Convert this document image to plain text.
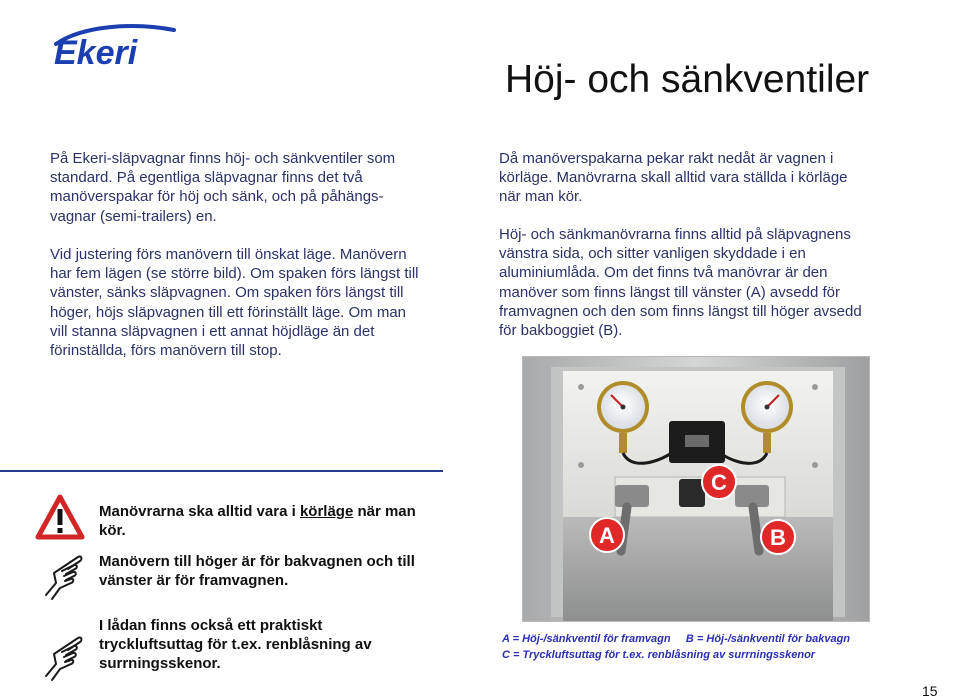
Ekeri
Höj- och sänkventiler

På Ekeri-släpvagnar finns höj- och sänkventiler som standard. På egentliga släpvagnar finns det två manöverspakar för höj och sänk, och på påhängs-vagnar (semi-trailers) en.

Vid justering förs manövern till önskat läge. Manövern har fem lägen (se större bild). Om spaken förs längst till vänster, sänks släpvagnen. Om spaken förs längst till höger, höjs släpvagnen till ett förinställt läge. Om man vill stanna släpvagnen i ett annat höjdläge än det förinställda, förs manövern till stop.

Då manöverspakarna pekar rakt nedåt är vagnen i körläge. Manövrarna skall alltid vara ställda i körläge när man kör.

Höj- och sänkmanövrarna finns alltid på släpvagnens vänstra sida, och sitter vanligen skyddade i en aluminiumlåda. Om det finns två manövrar är den manöver som finns längst till vänster (A) avsedd för framvagnen och den som finns längst till höger avsedd för bakboggiet (B).

Manövrarna ska alltid vara i körläge när man kör.

Manövern till höger är för bakvagnen och till vänster är för framvagnen.

I lådan finns också ett praktiskt tryckluftsuttag för t.ex. renblåsning av surrningsskenor.

A	B
C

A = Höj-/sänkventil för framvagn B = Höj-/sänkventil för bakvagn

C = Tryckluftsuttag för t.ex. renblåsning av surrningsskenor

15
